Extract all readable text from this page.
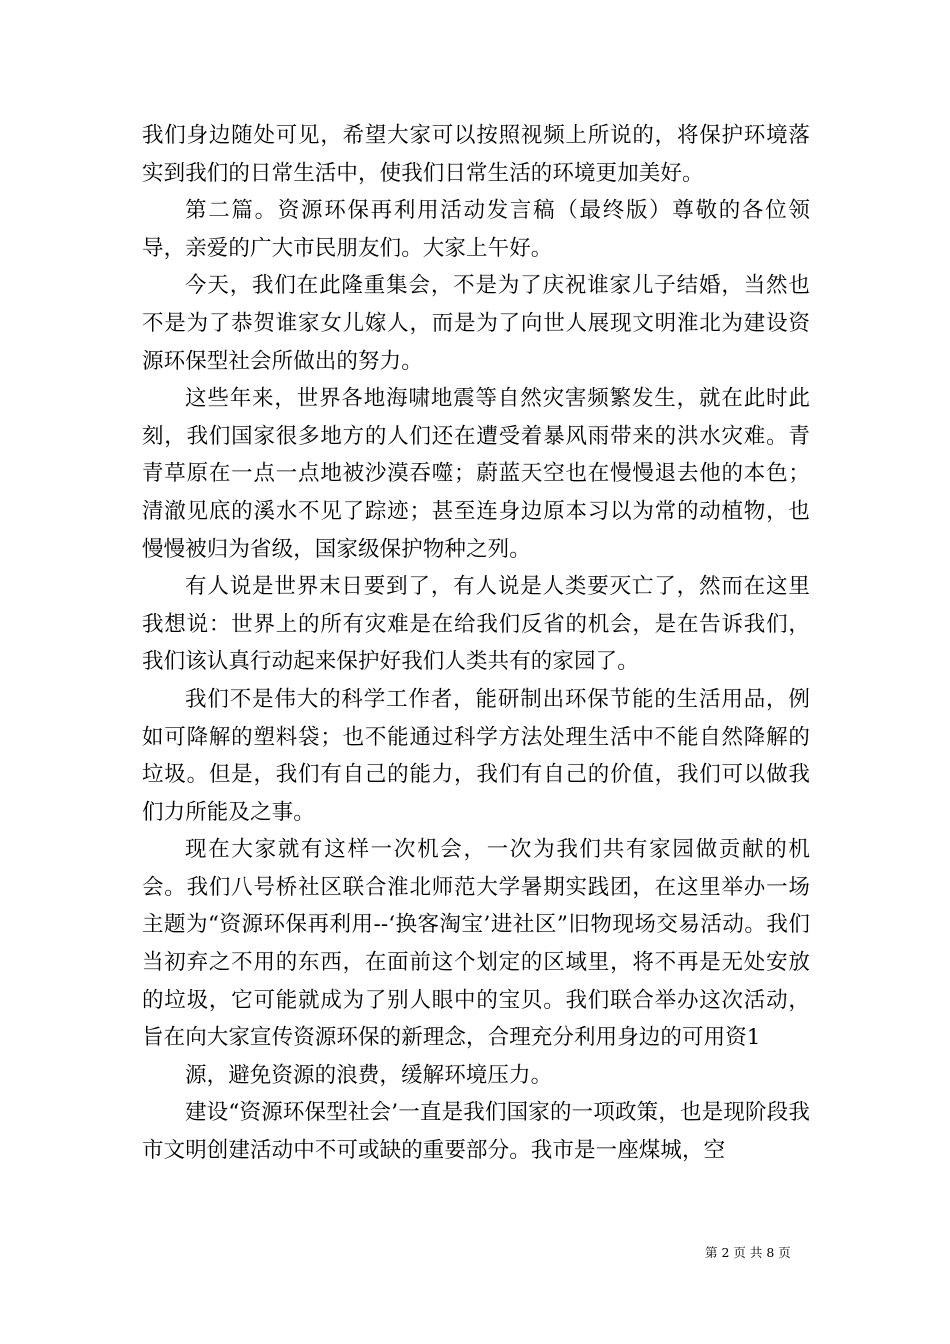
我们身边随处可见，希望大家可以按照视频上所说的，将保护环境落实到我们的日常生活中，使我们日常生活的环境更加美好。

第二篇。资源环保再利用活动发言稿（最终版）尊敬的各位领导，亲爱的广大市民朋友们。大家上午好。

今天，我们在此隆重集会，不是为了庆祝谁家儿子结婚，当然也不是为了恭贺谁家女儿嫁人，而是为了向世人展现文明淮北为建设资源环保型社会所做出的努力。

这些年来，世界各地海啸地震等自然灾害频繁发生，就在此时此刻，我们国家很多地方的人们还在遭受着暴风雨带来的洪水灾难。青青草原在一点一点地被沙漠吞噬；蔚蓝天空也在慢慢退去他的本色；清澈见底的溪水不见了踪迹；甚至连身边原本习以为常的动植物，也慢慢被归为省级，国家级保护物种之列。

有人说是世界末日要到了，有人说是人类要灭亡了，然而在这里我想说：世界上的所有灾难是在给我们反省的机会，是在告诉我们，我们该认真行动起来保护好我们人类共有的家园了。

我们不是伟大的科学工作者，能研制出环保节能的生活用品，例如可降解的塑料袋；也不能通过科学方法处理生活中不能自然降解的垃圾。但是，我们有自己的能力，我们有自己的价值，我们可以做我们力所能及之事。

现在大家就有这样一次机会，一次为我们共有家园做贡献的机会。我们八号桥社区联合淮北师范大学暑期实践团，在这里举办一场主题为“资源环保再利用--‘换客淘宝’进社区”旧物现场交易活动。我们当初弃之不用的东西，在面前这个划定的区域里，将不再是无处安放的垃圾，它可能就成为了别人眼中的宝贝。我们联合举办这次活动，旨在向大家宣传资源环保的新理念，合理充分利用身边的可用资1

源，避免资源的浪费，缓解环境压力。

建设“资源环保型社会’一直是我们国家的一项政策，也是现阶段我市文明创建活动中不可或缺的重要部分。我市是一座煤城，空

第 2 页 共 8 页
